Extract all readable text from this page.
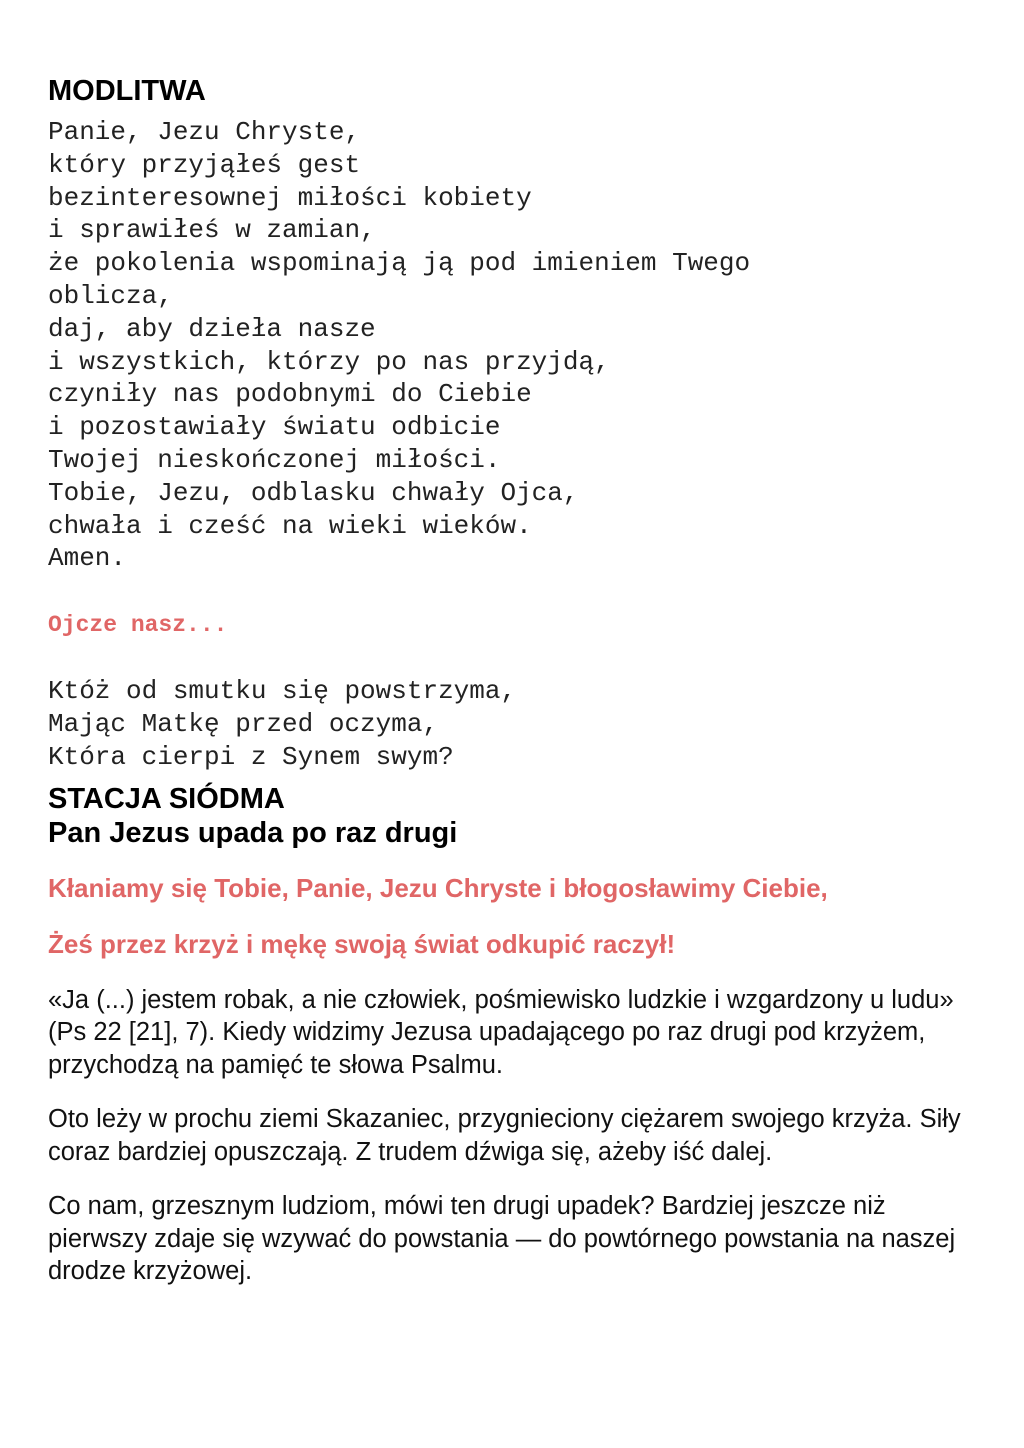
MODLITWA

Panie, Jezu Chryste,

który przyjąłeś gest

bezinteresownej miłości kobiety

i sprawiłeś w zamian,

że pokolenia wspominają ją pod imieniem Twego

oblicza,

daj, aby dzieła nasze

i wszystkich, którzy po nas przyjdą,

czyniły nas podobnymi do Ciebie

i pozostawiały światu odbicie

Twojej nieskończonej miłości.

Tobie, Jezu, odblasku chwały Ojca,

chwała i cześć na wieki wieków.

Amen.

Ojcze nasz...

Któż od smutku się powstrzyma,

Mając Matkę przed oczyma,

Która cierpi z Synem swym?

STACJA SIÓDMA
Pan Jezus upada po raz drugi

Kłaniamy się Tobie, Panie, Jezu Chryste i błogosławimy Ciebie,

Żeś przez krzyż i mękę swoją świat odkupić raczył!

«Ja (...) jestem robak, a nie człowiek, pośmiewisko ludzkie i wzgardzony u ludu» (Ps 22 [21], 7). Kiedy widzimy Jezusa upadającego po raz drugi pod krzyżem, przychodzą na pamięć te słowa Psalmu.

Oto leży w prochu ziemi Skazaniec, przygnieciony ciężarem swojego krzyża. Siły coraz bardziej opuszczają. Z trudem dźwiga się, ażeby iść dalej.

Co nam, grzesznym ludziom, mówi ten drugi upadek? Bardziej jeszcze niż pierwszy zdaje się wzywać do powstania — do powtórnego powstania na naszej drodze krzyżowej.
